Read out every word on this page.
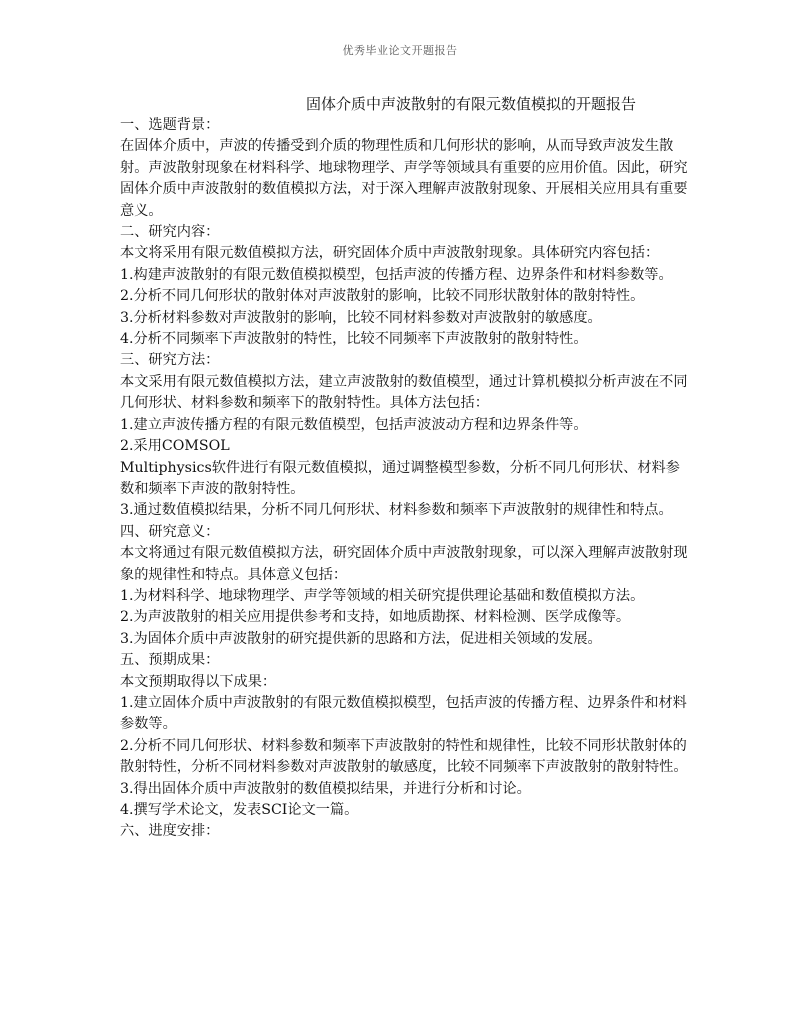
优秀毕业论文开题报告
固体介质中声波散射的有限元数值模拟的开题报告

一、选题背景：

在固体介质中，声波的传播受到介质的物理性质和几何形状的影响，从而导致声波发生散射。声波散射现象在材料科学、地球物理学、声学等领域具有重要的应用价值。因此，研究固体介质中声波散射的数值模拟方法，对于深入理解声波散射现象、开展相关应用具有重要意义。

二、研究内容：

本文将采用有限元数值模拟方法，研究固体介质中声波散射现象。具体研究内容包括：

1.构建声波散射的有限元数值模拟模型，包括声波的传播方程、边界条件和材料参数等。

2.分析不同几何形状的散射体对声波散射的影响，比较不同形状散射体的散射特性。

3.分析材料参数对声波散射的影响，比较不同材料参数对声波散射的敏感度。

4.分析不同频率下声波散射的特性，比较不同频率下声波散射的散射特性。

三、研究方法：

本文采用有限元数值模拟方法，建立声波散射的数值模型，通过计算机模拟分析声波在不同几何形状、材料参数和频率下的散射特性。具体方法包括：

1.建立声波传播方程的有限元数值模型，包括声波波动方程和边界条件等。

2.采用COMSOL

Multiphysics软件进行有限元数值模拟，通过调整模型参数，分析不同几何形状、材料参数和频率下声波的散射特性。

3.通过数值模拟结果，分析不同几何形状、材料参数和频率下声波散射的规律性和特点。

四、研究意义：

本文将通过有限元数值模拟方法，研究固体介质中声波散射现象，可以深入理解声波散射现象的规律性和特点。具体意义包括：

1.为材料科学、地球物理学、声学等领域的相关研究提供理论基础和数值模拟方法。

2.为声波散射的相关应用提供参考和支持，如地质勘探、材料检测、医学成像等。

3.为固体介质中声波散射的研究提供新的思路和方法，促进相关领域的发展。

五、预期成果：

本文预期取得以下成果：

1.建立固体介质中声波散射的有限元数值模拟模型，包括声波的传播方程、边界条件和材料参数等。

2.分析不同几何形状、材料参数和频率下声波散射的特性和规律性，比较不同形状散射体的散射特性，分析不同材料参数对声波散射的敏感度，比较不同频率下声波散射的散射特性。

3.得出固体介质中声波散射的数值模拟结果，并进行分析和讨论。

4.撰写学术论文，发表SCI论文一篇。

六、进度安排：
